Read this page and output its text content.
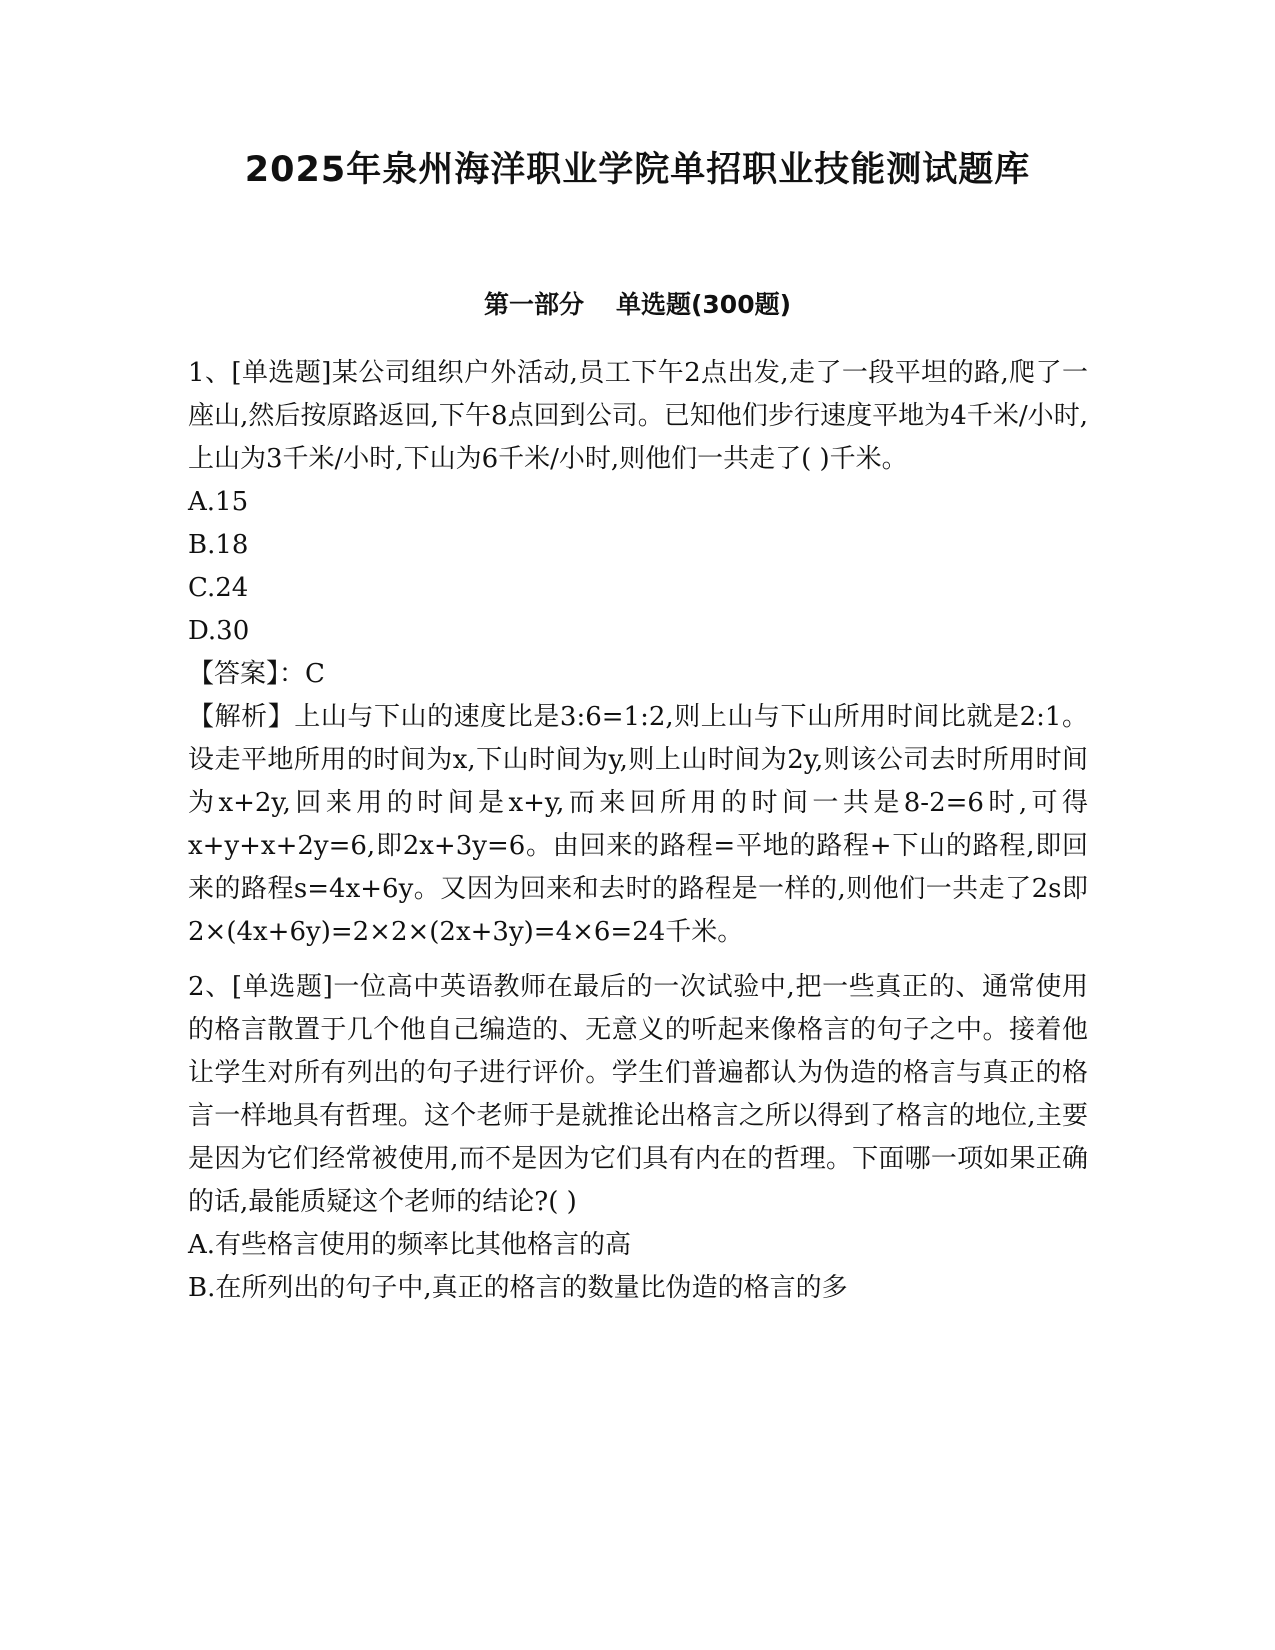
2025年泉州海洋职业学院单招职业技能测试题库
第一部分 单选题(300题)

1、[单选题]某公司组织户外活动,员工下午2点出发,走了一段平坦的路,爬了一座山,然后按原路返回,下午8点回到公司。已知他们步行速度平地为4千米/小时,上山为3千米/小时,下山为6千米/小时,则他们一共走了( )千米。

A.15

B.18

C.24

D.30

【答案】：C

【解析】上山与下山的速度比是3:6=1:2,则上山与下山所用时间比就是2:1。设走平地所用的时间为x,下山时间为y,则上山时间为2y,则该公司去时所用时间为x+2y,回来用的时间是x+y,而来回所用的时间一共是8-2=6时,可得x+y+x+2y=6,即2x+3y=6。由回来的路程=平地的路程+下山的路程,即回来的路程s=4x+6y。又因为回来和去时的路程是一样的,则他们一共走了2s即2×(4x+6y)=2×2×(2x+3y)=4×6=24千米。

2、[单选题]一位高中英语教师在最后的一次试验中,把一些真正的、通常使用的格言散置于几个他自己编造的、无意义的听起来像格言的句子之中。接着他让学生对所有列出的句子进行评价。学生们普遍都认为伪造的格言与真正的格言一样地具有哲理。这个老师于是就推论出格言之所以得到了格言的地位,主要是因为它们经常被使用,而不是因为它们具有内在的哲理。下面哪一项如果正确的话,最能质疑这个老师的结论?( )

A.有些格言使用的频率比其他格言的高

B.在所列出的句子中,真正的格言的数量比伪造的格言的多
